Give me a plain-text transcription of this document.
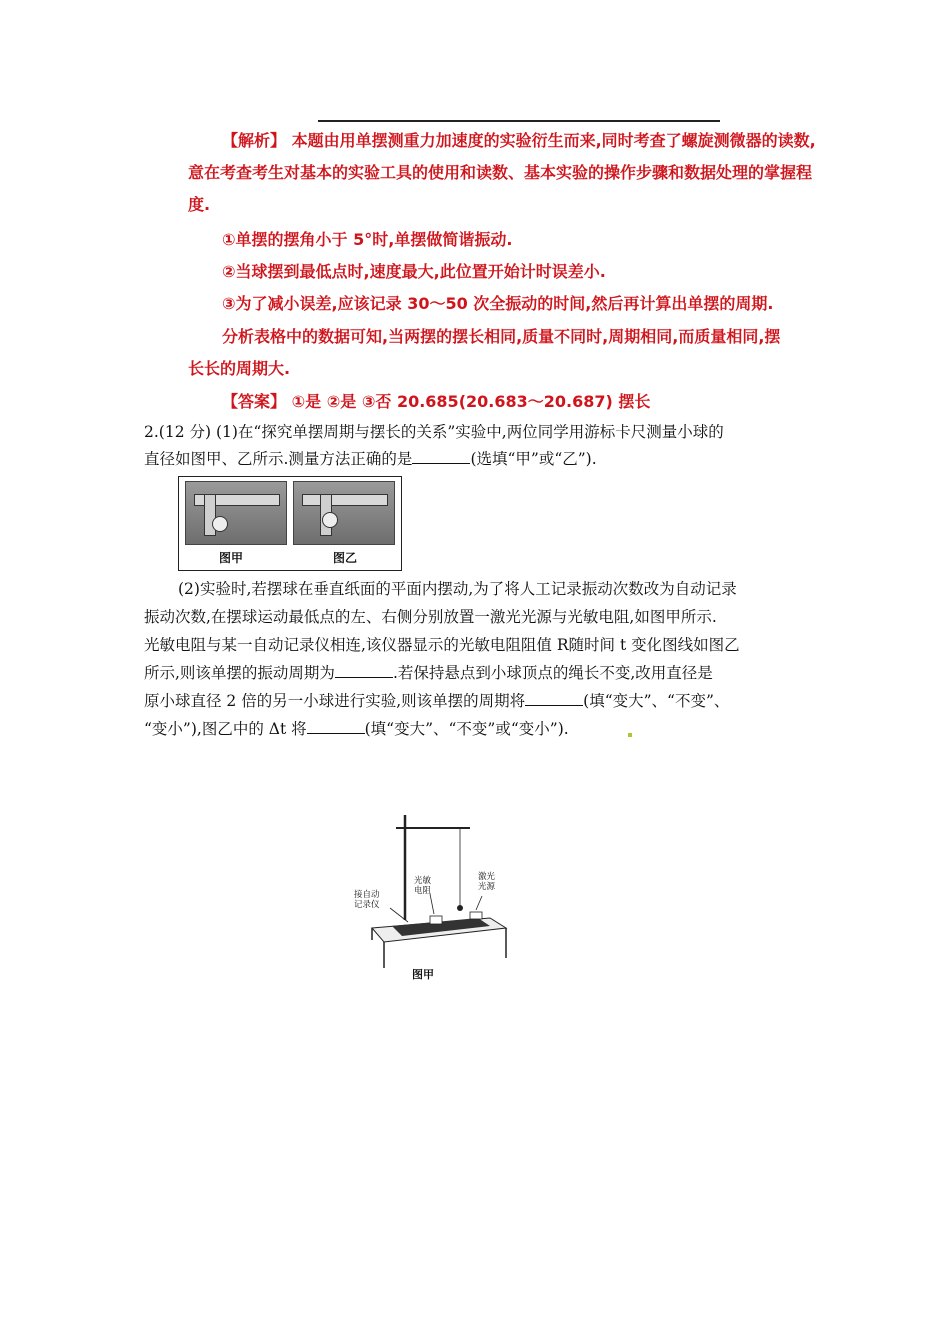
【解析】 本题由用单摆测重力加速度的实验衍生而来,同时考查了螺旋测微器的读数,
意在考查考生对基本的实验工具的使用和读数、基本实验的操作步骤和数据处理的掌握程
度.
①单摆的摆角小于 5°时,单摆做简谐振动.
②当球摆到最低点时,速度最大,此位置开始计时误差小.
③为了减小误差,应该记录 30～50 次全振动的时间,然后再计算出单摆的周期.
分析表格中的数据可知,当两摆的摆长相同,质量不同时,周期相同,而质量相同,摆
长长的周期大.
【答案】 ①是 ②是 ③否 20.685(20.683～20.687) 摆长
2.(12 分) (1)在“探究单摆周期与摆长的关系”实验中,两位同学用游标卡尺测量小球的
直径如图甲、乙所示.测量方法正确的是	(选填“甲”或“乙”).
图甲	图乙
(2)实验时,若摆球在垂直纸面的平面内摆动,为了将人工记录振动次数改为自动记录
振动次数,在摆球运动最低点的左、右侧分别放置一激光光源与光敏电阻,如图甲所示.
光敏电阻与某一自动记录仪相连,该仪器显示的光敏电阻阻值 R随时间 t 变化图线如图乙
所示,则该单摆的振动周期为	.若保持悬点到小球顶点的绳长不变,改用直径是
原小球直径 2 倍的另一小球进行实验,则该单摆的周期将	(填“变大”、“不变”、
“变小”),图乙中的 Δt 将	(填“变大”、“不变”或“变小”).
接自动
记录仪
光敏
电阻
激光
光源
图甲
